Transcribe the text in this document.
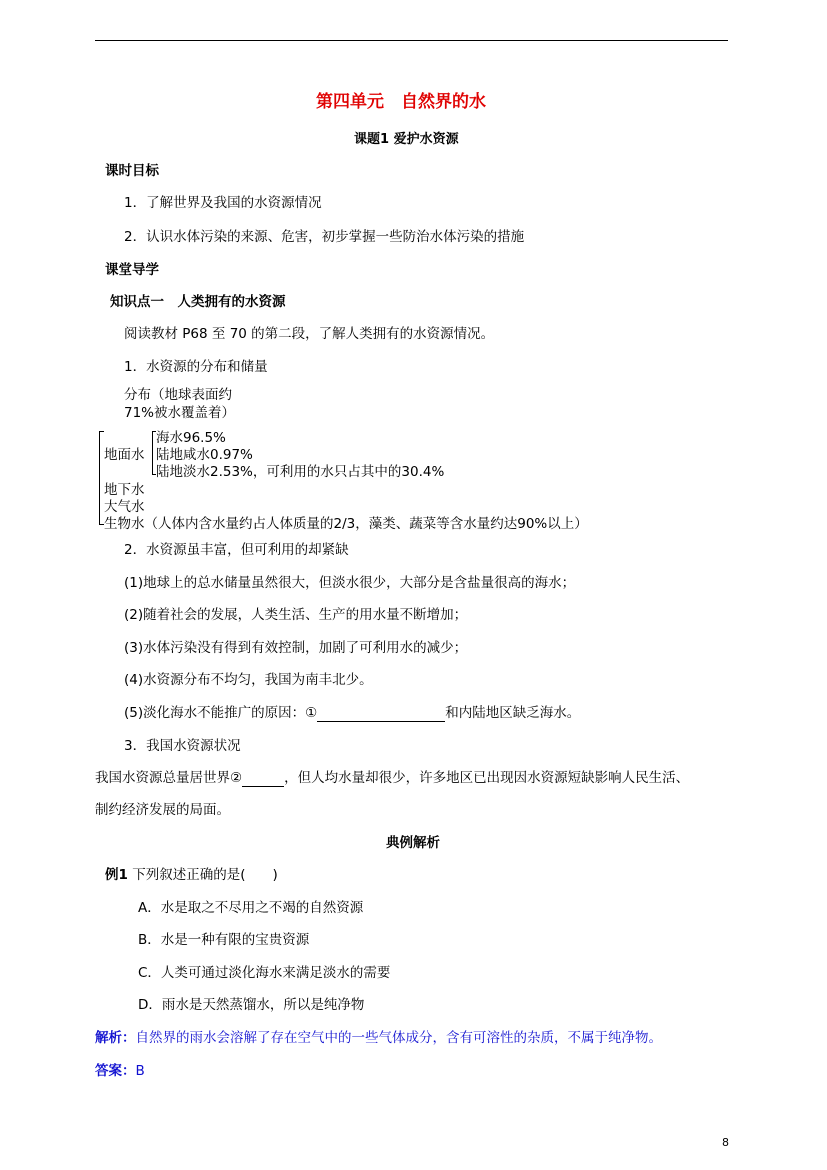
第四单元　自然界的水
课题1 爱护水资源
课时目标
1．了解世界及我国的水资源情况
2．认识水体污染的来源、危害，初步掌握一些防治水体污染的措施
课堂导学
知识点一　人类拥有的水资源
阅读教材 P68 至 70 的第二段，了解人类拥有的水资源情况。
1．水资源的分布和储量
分布（地球表面约
71%被水覆盖着）
地面水
海水96.5%
陆地咸水0.97%
陆地淡水2.53%，可利用的水只占其中的30.4%
地下水
大气水
生物水（人体内含水量约占人体质量的2/3，藻类、蔬菜等含水量约达90%以上）
2．水资源虽丰富，但可利用的却紧缺
(1)地球上的总水储量虽然很大，但淡水很少，大部分是含盐量很高的海水；
(2)随着社会的发展，人类生活、生产的用水量不断增加；
(3)水体污染没有得到有效控制，加剧了可利用水的减少；
(4)水资源分布不均匀，我国为南丰北少。
(5)淡化海水不能推广的原因：①	和内陆地区缺乏海水。
3．我国水资源状况
我国水资源总量居世界②	，但人均水量却很少，许多地区已出现因水资源短缺影响人民生活、
制约经济发展的局面。
典例解析
例1 下列叙述正确的是(　　)
A．水是取之不尽用之不竭的自然资源
B．水是一种有限的宝贵资源
C．人类可通过淡化海水来满足淡水的需要
D．雨水是天然蒸馏水，所以是纯净物
解析：自然界的雨水会溶解了存在空气中的一些气体成分，含有可溶性的杂质，不属于纯净物。
答案：B
8
